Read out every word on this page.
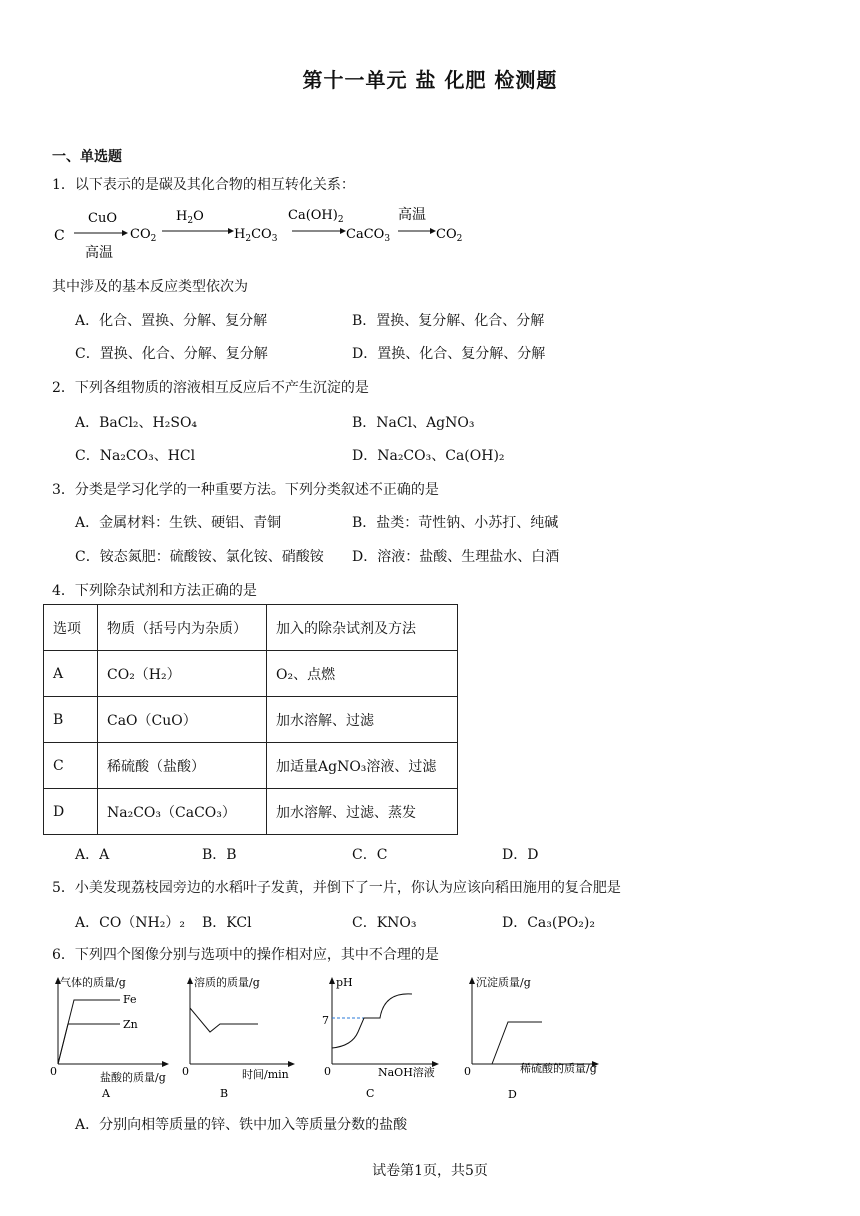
第十一单元 盐 化肥 检测题
一、单选题
1．以下表示的是碳及其化合物的相互转化关系：
C
CuO
高温
$CO_2$
$H_2O$
$H_2CO_3$
$Ca(OH)_2$
CaCO$_3$
高温
$CO_2$
其中涉及的基本反应类型依次为
A．化合、置换、分解、复分解	B．置换、复分解、化合、分解
C．置换、化合、分解、复分解	D．置换、化合、复分解、分解
2．下列各组物质的溶液相互反应后不产生沉淀的是
A．BaCl₂、H₂SO₄	B．NaCl、AgNO₃
C．Na₂CO₃、HCl	D．Na₂CO₃、Ca(OH)₂
3．分类是学习化学的一种重要方法。下列分类叙述不正确的是
A．金属材料：生铁、硬铝、青铜	B．盐类：苛性钠、小苏打、纯碱
C．铵态氮肥：硫酸铵、氯化铵、硝酸铵 D．溶液：盐酸、生理盐水、白酒
4．下列除杂试剂和方法正确的是
选项	物质（括号内为杂质）	加入的除杂试剂及方法
A	CO₂（H₂）	O₂、点燃
B	CaO（CuO）	加水溶解、过滤
C	稀硫酸（盐酸）	加适量AgNO₃溶液、过滤
D	Na₂CO₃（CaCO₃）	加水溶解、过滤、蒸发
A．A	B．B	C．C	D．D
5．小美发现荔枝园旁边的水稻叶子发黄，并倒下了一片，你认为应该向稻田施用的复合肥是
A．CO（NH₂）₂ B．KCl	C．KNO₃	D．Ca₃(PO₂)₂
6．下列四个图像分别与选项中的操作相对应，其中不合理的是
气体的质量/g
Fe
Zn
0	盐酸的质量/g
A
溶质的质量/g
0	时间/min
B
pH
7
0	NaOH溶液
C
沉淀质量/g
0	稀硫酸的质量/g
D
A．分别向相等质量的锌、铁中加入等质量分数的盐酸
试卷第1页，共5页
